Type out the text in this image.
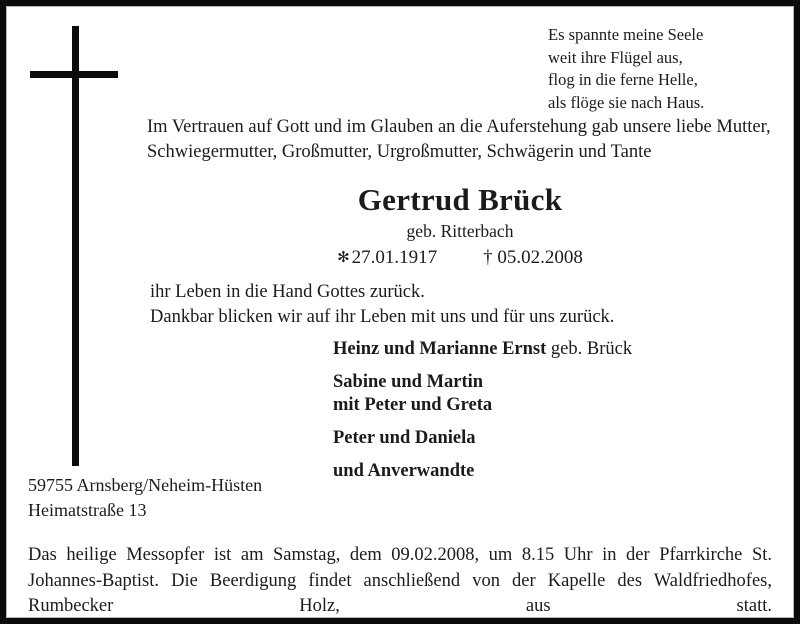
Es spannte meine Seele
weit ihre Flügel aus,
flog in die ferne Helle,
als flöge sie nach Haus.
Im Vertrauen auf Gott und im Glauben an die Auferstehung gab unsere liebe Mutter, Schwiegermutter, Großmutter, Urgroßmutter, Schwägerin und Tante
Gertrud Brück
geb. Ritterbach
✻ 27.01.1917 † 05.02.2008
ihr Leben in die Hand Gottes zurück.
Dankbar blicken wir auf ihr Leben mit uns und für uns zurück.
Heinz und Marianne Ernst geb. Brück
Sabine und Martin
mit Peter und Greta
Peter und Daniela
und Anverwandte
59755 Arnsberg/Neheim-Hüsten
Heimatstraße 13
Das heilige Messopfer ist am Samstag, dem 09.02.2008, um 8.15 Uhr in der Pfarrkirche St. Johannes-Baptist. Die Beerdigung findet anschließend von der Kapelle des Waldfriedhofes, Rumbecker Holz, aus statt.
